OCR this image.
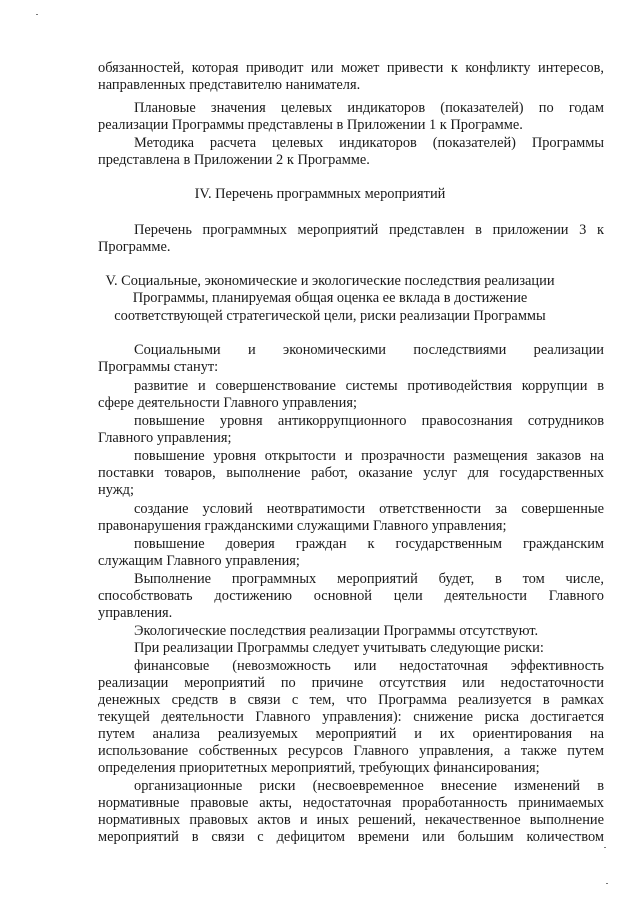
обязанностей, которая приводит или может привести к конфликту интересов,
направленных представителю нанимателя.
Плановые значения целевых индикаторов (показателей) по годам
реализации Программы представлены в Приложении 1 к Программе.
Методика расчета целевых индикаторов (показателей) Программы
представлена в Приложении 2 к Программе.
IV. Перечень программных мероприятий
Перечень программных мероприятий представлен в приложении 3 к
Программе.
V. Социальные, экономические и экологические последствия реализации
Программы, планируемая общая оценка ее вклада в достижение
соответствующей стратегической цели, риски реализации Программы
Социальными и экономическими последствиями реализации
Программы станут:
развитие и совершенствование системы противодействия коррупции в
сфере деятельности Главного управления;
повышение уровня антикоррупционного правосознания сотрудников
Главного управления;
повышение уровня открытости и прозрачности размещения заказов на
поставки товаров, выполнение работ, оказание услуг для государственных
нужд;
создание условий неотвратимости ответственности за совершенные
правонарушения гражданскими служащими Главного управления;
повышение доверия граждан к государственным гражданским
служащим Главного управления;
Выполнение программных мероприятий будет, в том числе,
способствовать достижению основной цели деятельности Главного
управления.
Экологические последствия реализации Программы отсутствуют.
При реализации Программы следует учитывать следующие риски:
финансовые (невозможность или недостаточная эффективность
реализации мероприятий по причине отсутствия или недостаточности
денежных средств в связи с тем, что Программа реализуется в рамках
текущей деятельности Главного управления): снижение риска достигается
путем анализа реализуемых мероприятий и их ориентирования на
использование собственных ресурсов Главного управления, а также путем
определения приоритетных мероприятий, требующих финансирования;
организационные риски (несвоевременное внесение изменений в
нормативные правовые акты, недостаточная проработанность принимаемых
нормативных правовых актов и иных решений, некачественное выполнение
мероприятий в связи с дефицитом времени или большим количеством
